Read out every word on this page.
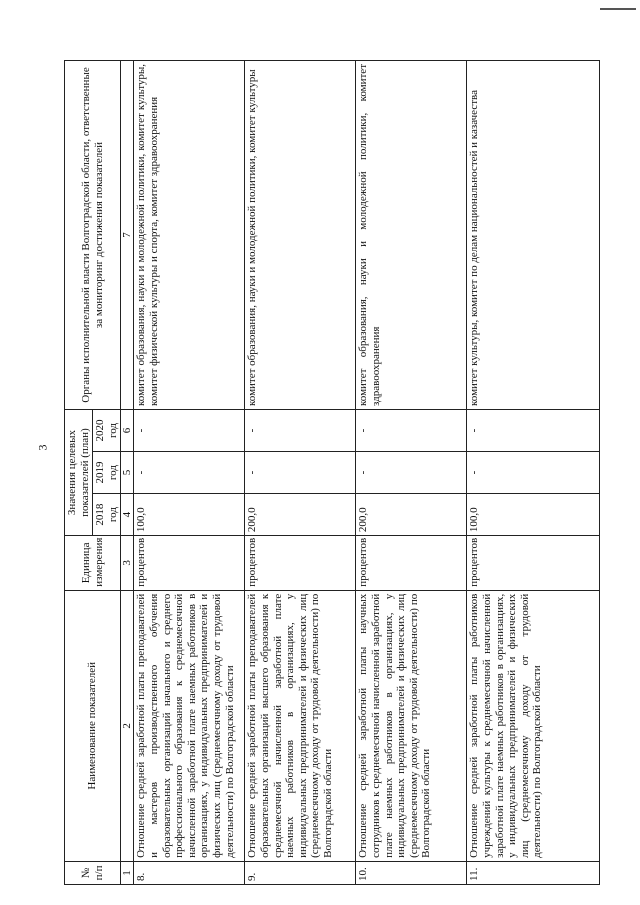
3
№ п/п	Наименование показателей	Единица измерения	Значения целевых показателей (план)			Органы исполнительной власти Волгоградской области, ответственные за мониторинг достижения показателей
			2018 год	2019 год	2020 год	
1	2	3	4	5	6	7
8.	Отношение средней заработной платы преподавателей и мастеров производственного обучения образовательных организаций начального и среднего профессионального образования к среднемесячной начисленной заработной плате наемных работников в организациях, у индивидуальных предпринимателей и физических лиц (среднемесячному доходу от трудовой деятельности) по Волгоградской области	процентов	100,0	-	-	комитет образования, науки и молодежной политики, комитет культуры, комитет физической культуры и спорта, комитет здравоохранения
9.	Отношение средней заработной платы преподавателей образовательных организаций высшего образования к среднемесячной начисленной заработной плате наемных работников в организациях, у индивидуальных предпринимателей и физических лиц (среднемесячному доходу от трудовой деятельности) по Волгоградской области	процентов	200,0	-	-	комитет образования, науки и молодежной политики, комитет культуры
10.	Отношение средней заработной платы научных сотрудников к среднемесячной начисленной заработной плате наемных работников в организациях, у индивидуальных предпринимателей и физических лиц (среднемесячному доходу от трудовой деятельности) по Волгоградской области	процентов	200,0	-	-	комитет образования, науки и молодежной политики, комитет здравоохранения
11.	Отношение средней заработной платы работников учреждений культуры к среднемесячной начисленной заработной плате наемных работников в организациях, у индивидуальных предпринимателей и физических лиц (среднемесячному доходу от трудовой деятельности) по Волгоградской области	процентов	100,0	-	-	комитет культуры, комитет по делам национальностей и казачества
